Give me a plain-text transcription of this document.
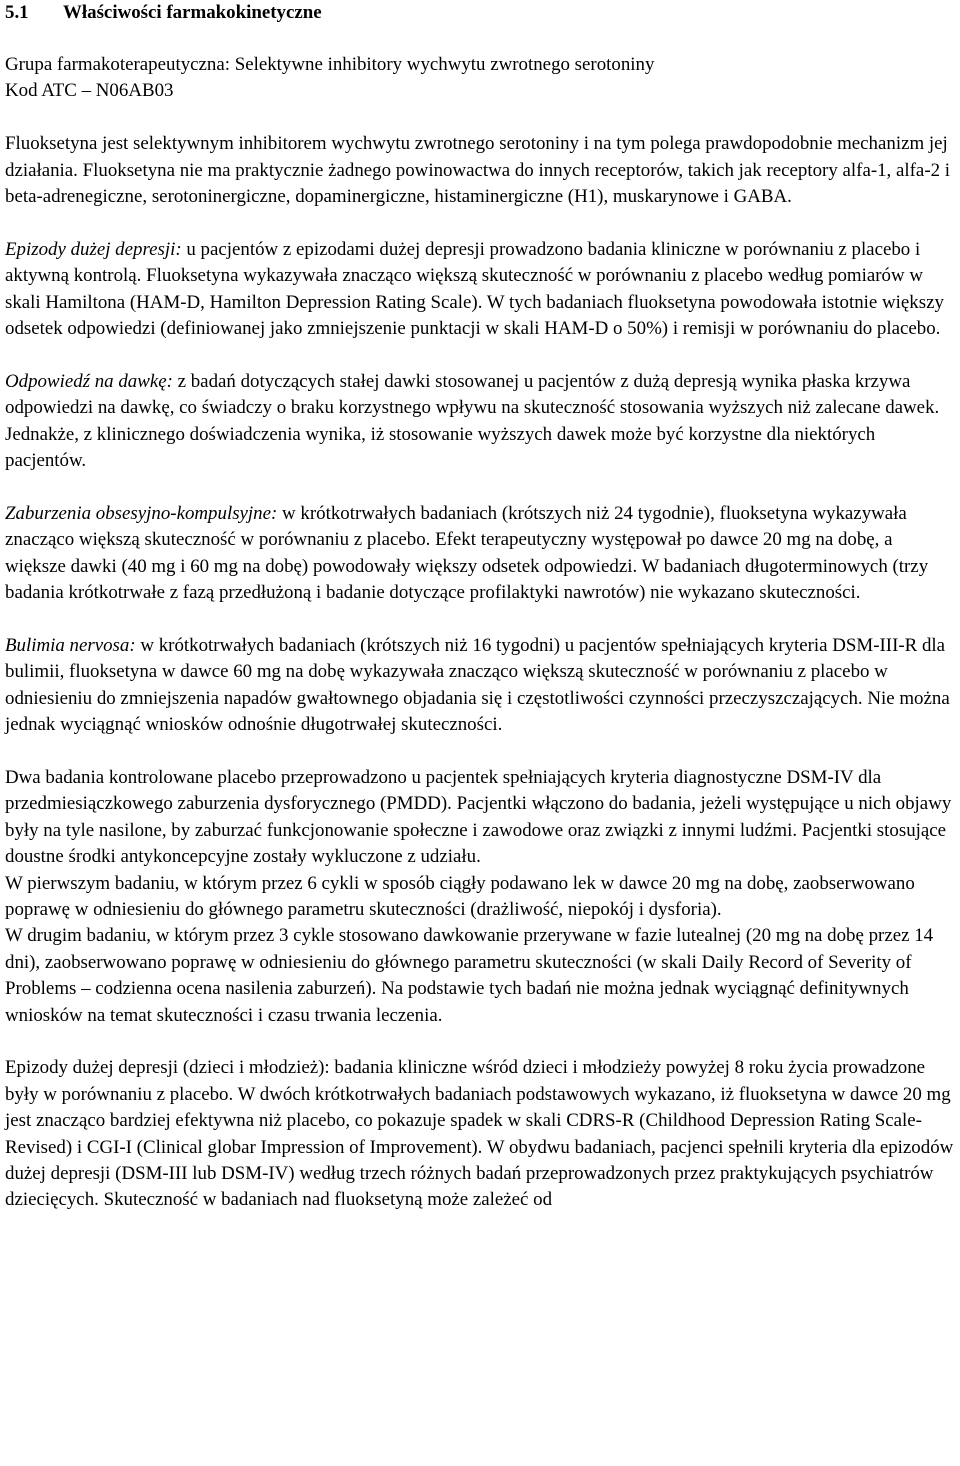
5.1 Właściwości farmakokinetyczne

Grupa farmakoterapeutyczna: Selektywne inhibitory wychwytu zwrotnego serotoniny

Kod ATC – N06AB03

Fluoksetyna jest selektywnym inhibitorem wychwytu zwrotnego serotoniny i na tym polega prawdopodobnie mechanizm jej działania. Fluoksetyna nie ma praktycznie żadnego powinowactwa do innych receptorów, takich jak receptory alfa-1, alfa-2 i beta-adrenegiczne, serotoninergiczne, dopaminergiczne, histaminergiczne (H1), muskarynowe i GABA.

Epizody dużej depresji: u pacjentów z epizodami dużej depresji prowadzono badania kliniczne w porównaniu z placebo i aktywną kontrolą. Fluoksetyna wykazywała znacząco większą skuteczność w porównaniu z placebo według pomiarów w skali Hamiltona (HAM-D, Hamilton Depression Rating Scale). W tych badaniach fluoksetyna powodowała istotnie większy odsetek odpowiedzi (definiowanej jako zmniejszenie punktacji w skali HAM-D o 50%) i remisji w porównaniu do placebo.

Odpowiedź na dawkę: z badań dotyczących stałej dawki stosowanej u pacjentów z dużą depresją wynika płaska krzywa odpowiedzi na dawkę, co świadczy o braku korzystnego wpływu na skuteczność stosowania wyższych niż zalecane dawek. Jednakże, z klinicznego doświadczenia wynika, iż stosowanie wyższych dawek może być korzystne dla niektórych pacjentów.

Zaburzenia obsesyjno-kompulsyjne: w krótkotrwałych badaniach (krótszych niż 24 tygodnie), fluoksetyna wykazywała znacząco większą skuteczność w porównaniu z placebo. Efekt terapeutyczny występował po dawce 20 mg na dobę, a większe dawki (40 mg i 60 mg na dobę) powodowały większy odsetek odpowiedzi. W badaniach długoterminowych (trzy badania krótkotrwałe z fazą przedłużoną i badanie dotyczące profilaktyki nawrotów) nie wykazano skuteczności.

Bulimia nervosa: w krótkotrwałych badaniach (krótszych niż 16 tygodni) u pacjentów spełniających kryteria DSM-III-R dla bulimii, fluoksetyna w dawce 60 mg na dobę wykazywała znacząco większą skuteczność w porównaniu z placebo w odniesieniu do zmniejszenia napadów gwałtownego objadania się i częstotliwości czynności przeczyszczających. Nie można jednak wyciągnąć wniosków odnośnie długotrwałej skuteczności.

Dwa badania kontrolowane placebo przeprowadzono u pacjentek spełniających kryteria diagnostyczne DSM-IV dla przedmiesiączkowego zaburzenia dysforycznego (PMDD). Pacjentki włączono do badania, jeżeli występujące u nich objawy były na tyle nasilone, by zaburzać funkcjonowanie społeczne i zawodowe oraz związki z innymi ludźmi. Pacjentki stosujące doustne środki antykoncepcyjne zostały wykluczone z udziału.

W pierwszym badaniu, w którym przez 6 cykli w sposób ciągły podawano lek w dawce 20 mg na dobę, zaobserwowano poprawę w odniesieniu do głównego parametru skuteczności (drażliwość, niepokój i dysforia).

W drugim badaniu, w którym przez 3 cykle stosowano dawkowanie przerywane w fazie lutealnej (20 mg na dobę przez 14 dni), zaobserwowano poprawę w odniesieniu do głównego parametru skuteczności (w skali Daily Record of Severity of Problems – codzienna ocena nasilenia zaburzeń). Na podstawie tych badań nie można jednak wyciągnąć definitywnych wniosków na temat skuteczności i czasu trwania leczenia.

Epizody dużej depresji (dzieci i młodzież): badania kliniczne wśród dzieci i młodzieży powyżej 8 roku życia prowadzone były w porównaniu z placebo. W dwóch krótkotrwałych badaniach podstawowych wykazano, iż fluoksetyna w dawce 20 mg jest znacząco bardziej efektywna niż placebo, co pokazuje spadek w skali CDRS-R (Childhood Depression Rating Scale-Revised) i CGI-I (Clinical globar Impression of Improvement). W obydwu badaniach, pacjenci spełnili kryteria dla epizodów dużej depresji (DSM-III lub DSM-IV) według trzech różnych badań przeprowadzonych przez praktykujących psychiatrów dziecięcych. Skuteczność w badaniach nad fluoksetyną może zależeć od
